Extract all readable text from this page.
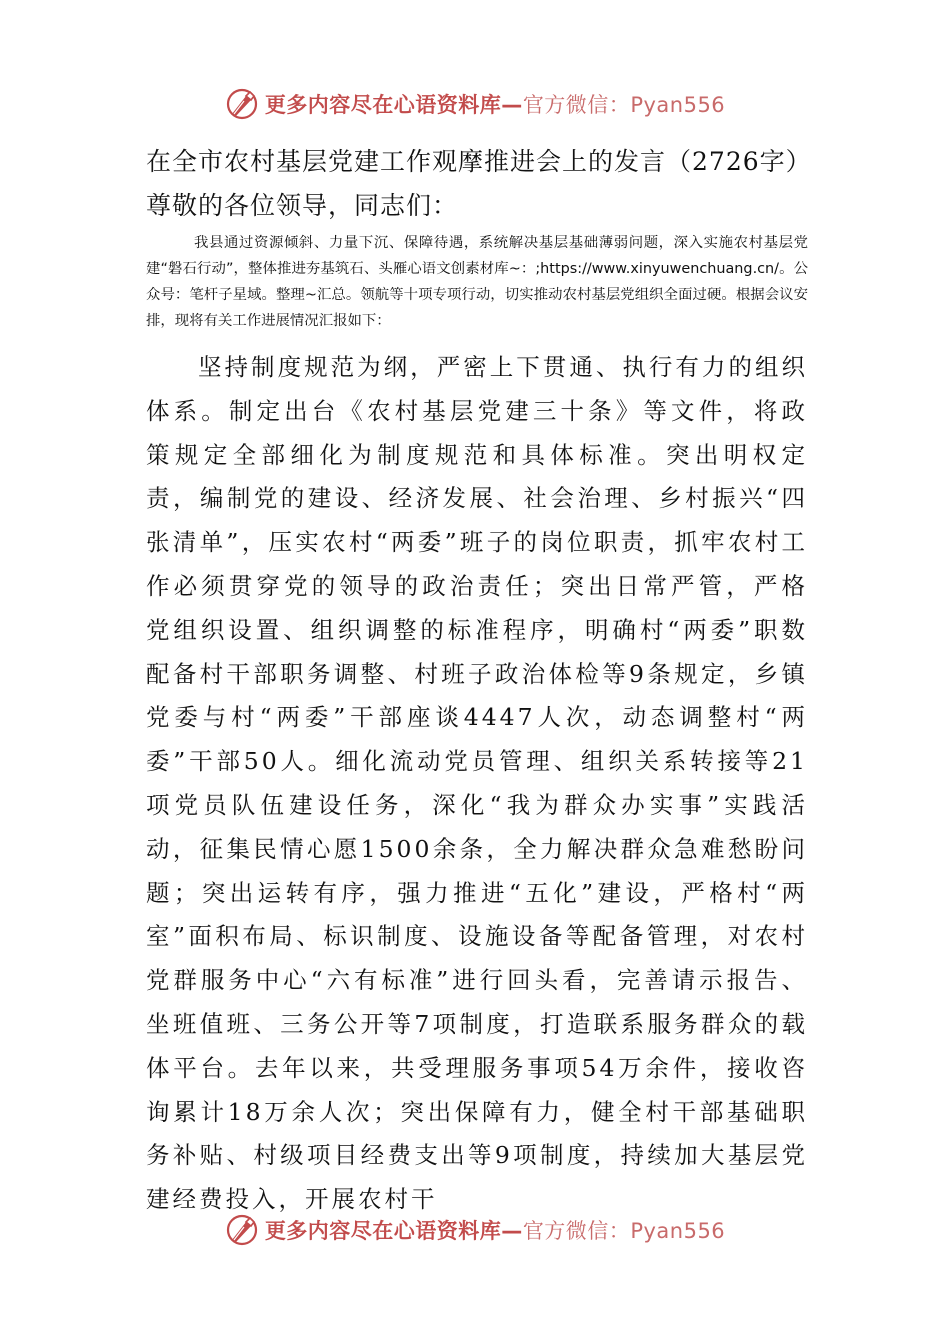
更多内容尽在心语资料库—官方微信：Pyan556
在全市农村基层党建工作观摩推进会上的发言（2726字）
尊敬的各位领导，同志们：

我县通过资源倾斜、力量下沉、保障待遇，系统解决基层基础薄弱问题，深入实施农村基层党建“磐石行动”，整体推进夯基筑石、头雁心语文创素材库~：;https://www.xinyuwenchuang.cn/。公众号：笔杆子星域。整理~汇总。领航等十项专项行动，切实推动农村基层党组织全面过硬。根据会议安排，现将有关工作进展情况汇报如下：

坚持制度规范为纲，严密上下贯通、执行有力的组织体系。制定出台《农村基层党建三十条》等文件，将政策规定全部细化为制度规范和具体标准。突出明权定责，编制党的建设、经济发展、社会治理、乡村振兴“四张清单”，压实农村“两委”班子的岗位职责，抓牢农村工作必须贯穿党的领导的政治责任；突出日常严管，严格党组织设置、组织调整的标准程序，明确村“两委”职数配备村干部职务调整、村班子政治体检等9条规定，乡镇党委与村“两委”干部座谈4447人次，动态调整村“两委”干部50人。细化流动党员管理、组织关系转接等21项党员队伍建设任务，深化“我为群众办实事”实践活动，征集民情心愿1500余条，全力解决群众急难愁盼问题；突出运转有序，强力推进“五化”建设，严格村“两室”面积布局、标识制度、设施设备等配备管理，对农村党群服务中心“六有标准”进行回头看，完善请示报告、坐班值班、三务公开等7项制度，打造联系服务群众的载体平台。去年以来，共受理服务事项54万余件，接收咨询累计18万余人次；突出保障有力，健全村干部基础职务补贴、村级项目经费支出等9项制度，持续加大基层党建经费投入，开展农村干

更多内容尽在心语资料库—官方微信：Pyan556
